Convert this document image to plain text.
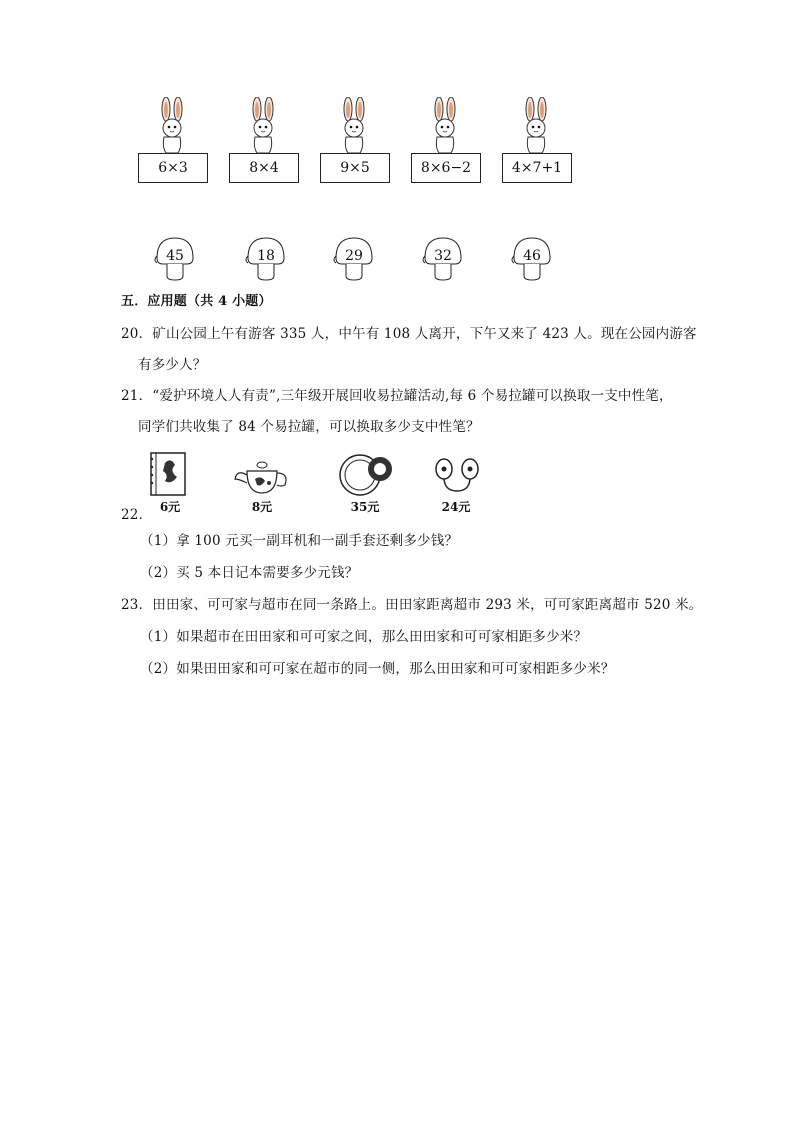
6×3	8×4	9×5	8×6−2	4×7+1
45	18	29	32	46
五．应用题（共 4 小题）
20．矿山公园上午有游客 335 人，中午有 108 人离开，下午又来了 423 人。现在公园内游客
有多少人？
21．“爱护环境人人有责”,三年级开展回收易拉罐活动,每 6 个易拉罐可以换取一支中性笔，
同学们共收集了 84 个易拉罐，可以换取多少支中性笔？
22． 6元	8元	35元	24元
（1）拿 100 元买一副耳机和一副手套还剩多少钱？
（2）买 5 本日记本需要多少元钱？
23．田田家、可可家与超市在同一条路上。田田家距离超市 293 米，可可家距离超市 520 米。
（1）如果超市在田田家和可可家之间，那么田田家和可可家相距多少米？
（2）如果田田家和可可家在超市的同一侧，那么田田家和可可家相距多少米？
